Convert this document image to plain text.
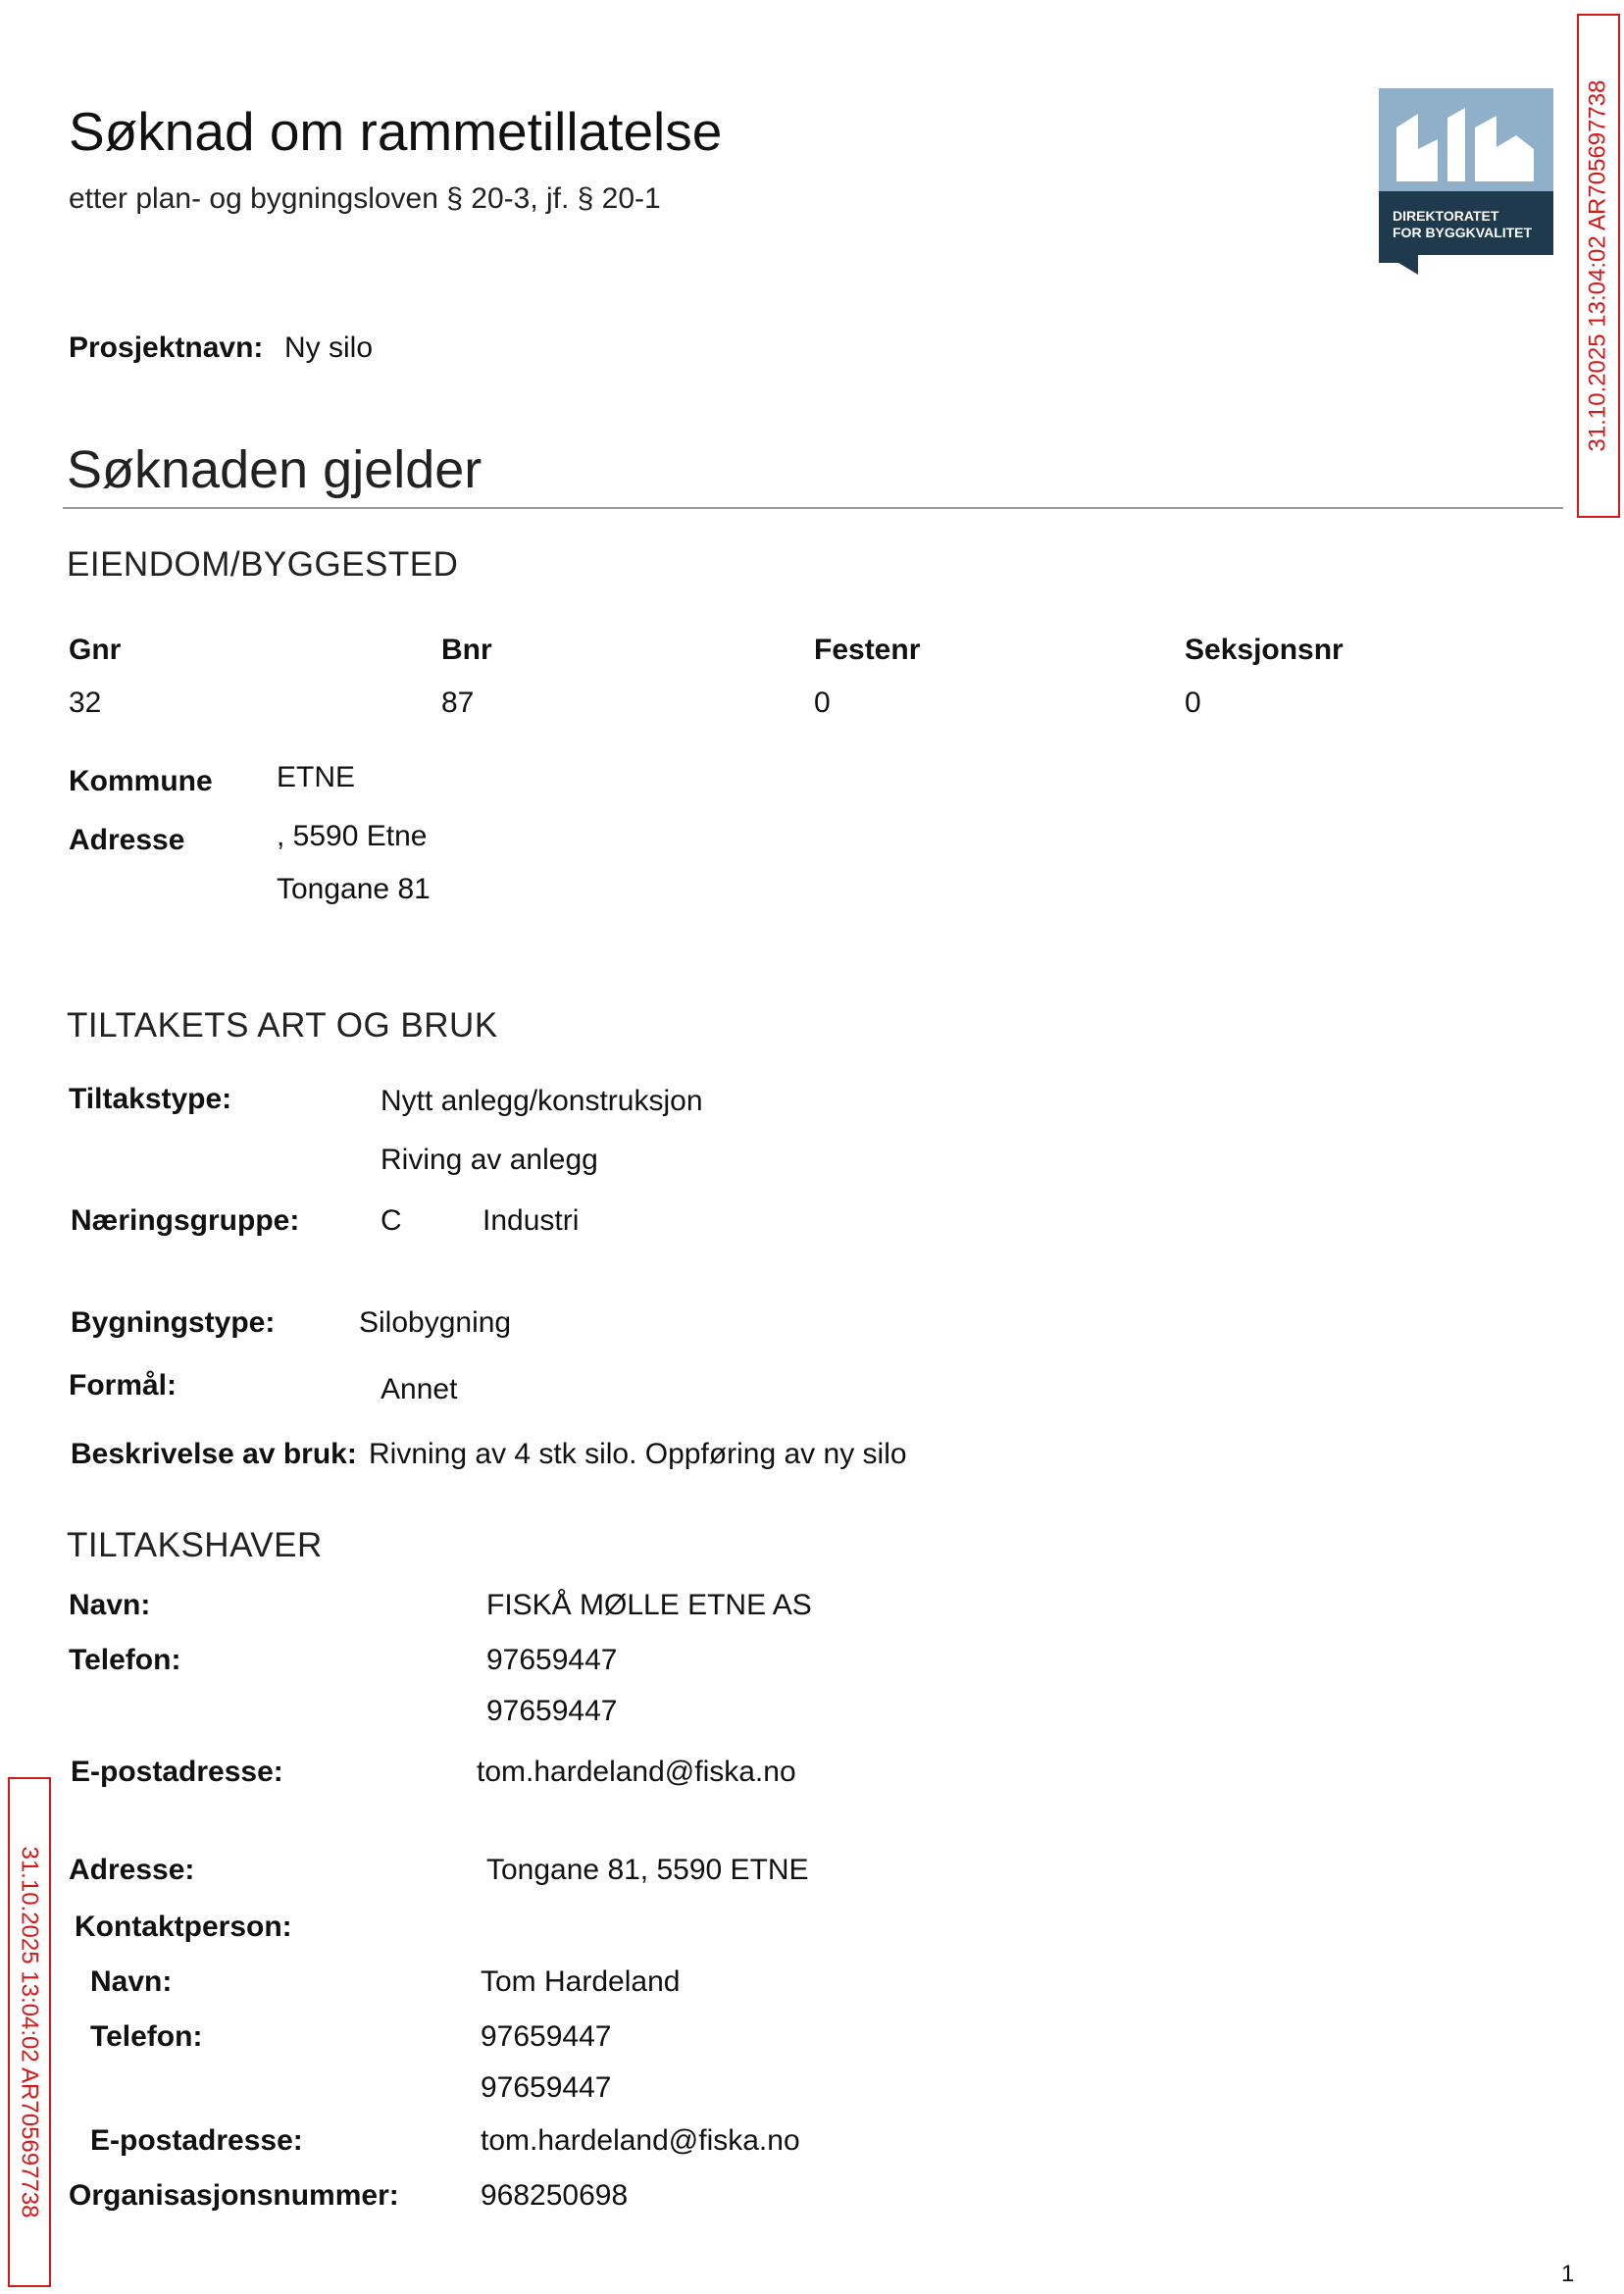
Søknad om rammetillatelse
etter plan- og bygningsloven § 20-3, jf. § 20-1
DIREKTORATET
FOR BYGGKVALITET 31.10.2025 13:04:02 AR705697738
31.10.2025 13:04:02 AR705697738
Prosjektnavn: Ny silo
Søknaden gjelder
EIENDOM/BYGGESTED
Gnr	Bnr	Festenr	Seksjonsnr
32	87	0	0
Kommune ETNE
Adresse	, 5590 Etne
Tongane 81
TILTAKETS ART OG BRUK
Tiltakstype:	Nytt anlegg/konstruksjon
Riving av anlegg
Næringsgruppe:	C	Industri
Bygningstype:	Silobygning
Formål:	Annet
Beskrivelse av bruk: Rivning av 4 stk silo. Oppføring av ny silo
TILTAKSHAVER
Navn:	FISKÅ MØLLE ETNE AS
Telefon:	97659447
97659447
E-postadresse:	tom.hardeland@fiska.no
Adresse:	Tongane 81, 5590 ETNE
Kontaktperson:
Navn:	Tom Hardeland
Telefon:	97659447
97659447
E-postadresse:	tom.hardeland@fiska.no
Organisasjonsnummer:	968250698
1
